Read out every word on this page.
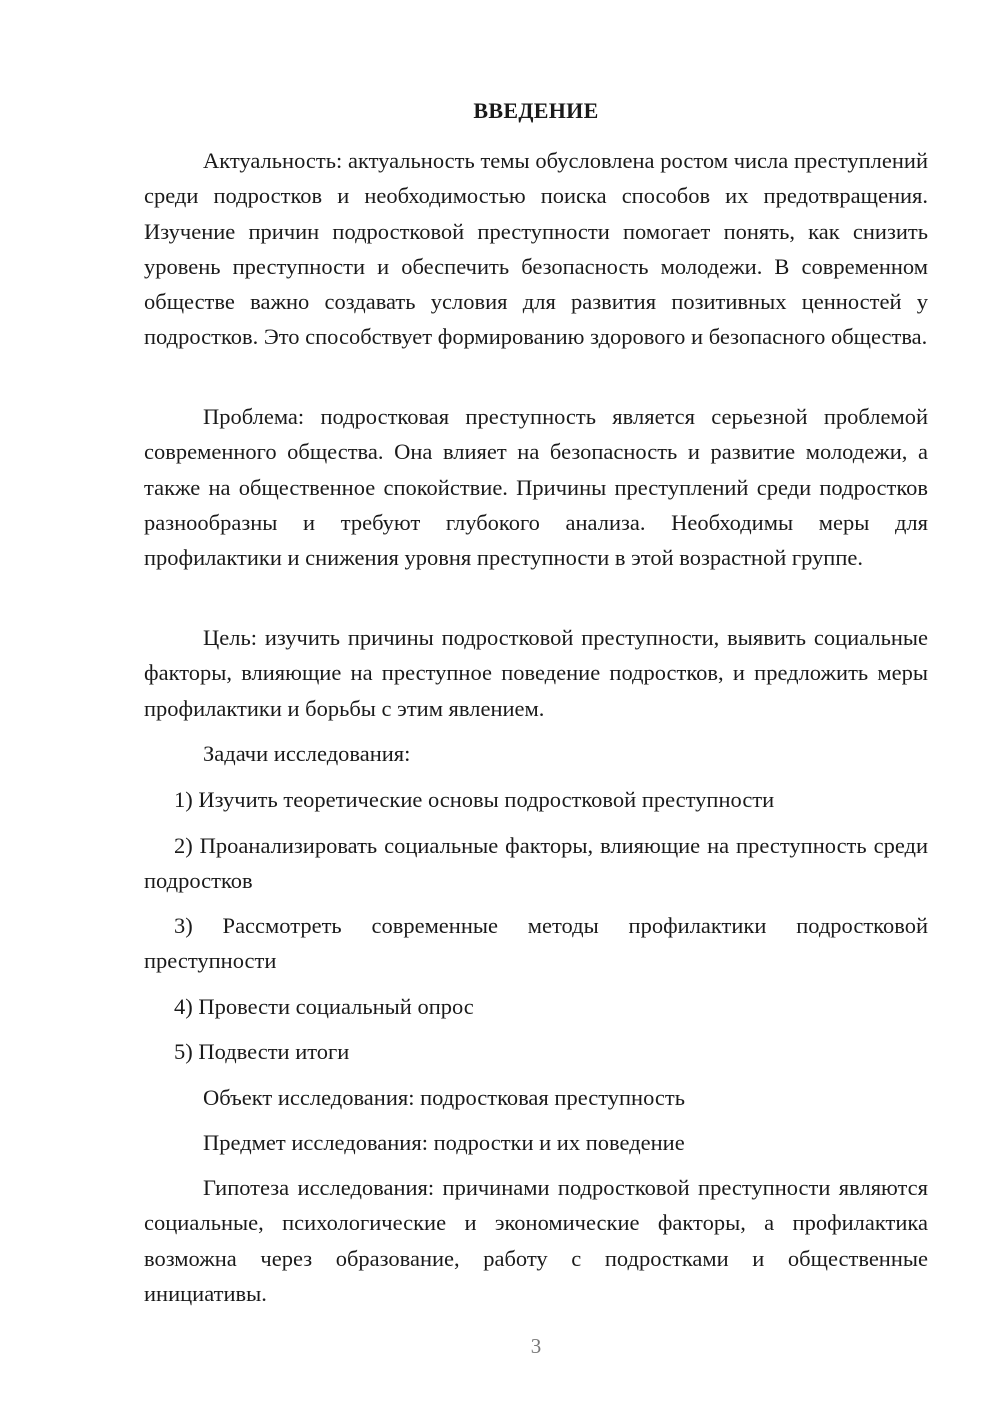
ВВЕДЕНИЕ

Актуальность: актуальность темы обусловлена ростом числа преступлений среди подростков и необходимостью поиска способов их предотвращения. Изучение причин подростковой преступности помогает понять, как снизить уровень преступности и обеспечить безопасность молодежи. В современном обществе важно создавать условия для развития позитивных ценностей у подростков. Это способствует формированию здорового и безопасного общества.

Проблема: подростковая преступность является серьезной проблемой современного общества. Она влияет на безопасность и развитие молодежи, а также на общественное спокойствие. Причины преступлений среди подростков разнообразны и требуют глубокого анализа. Необходимы меры для профилактики и снижения уровня преступности в этой возрастной группе.

Цель: изучить причины подростковой преступности, выявить социальные факторы, влияющие на преступное поведение подростков, и предложить меры профилактики и борьбы с этим явлением.

Задачи исследования:

1) Изучить теоретические основы подростковой преступности

2) Проанализировать социальные факторы, влияющие на преступность среди подростков

3) Рассмотреть современные методы профилактики подростковой преступности

4) Провести социальный опрос

5) Подвести итоги

Объект исследования: подростковая преступность

Предмет исследования: подростки и их поведение

Гипотеза исследования: причинами подростковой преступности являются социальные, психологические и экономические факторы, а профилактика возможна через образование, работу с подростками и общественные инициативы.

3
